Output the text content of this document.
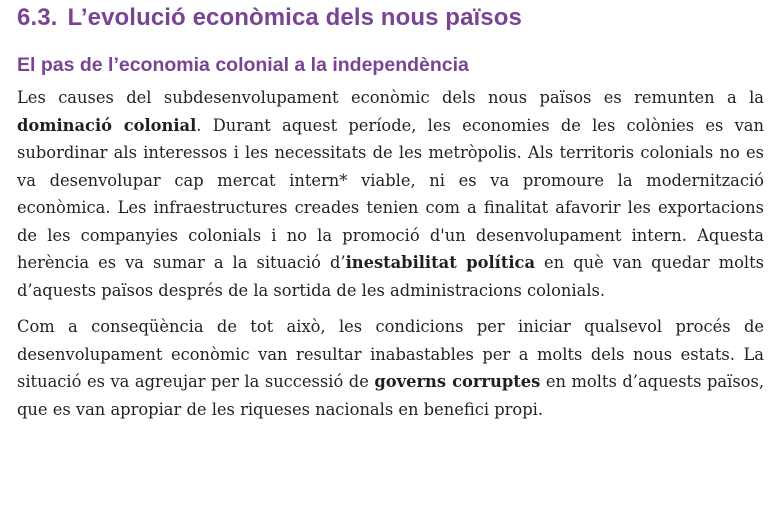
6.3. L’evolució econòmica dels nous països
El pas de l’economia colonial a la independència

Les causes del subdesenvolupament econòmic dels nous països es remunten a la dominació colonial. Durant aquest període, les economies de les colònies es van subordinar als interessos i les necessitats de les metròpolis. Als territoris colonials no es va desenvolupar cap mercat intern* viable, ni es va promoure la modernització econòmica. Les infraestructures creades tenien com a finalitat afavorir les exportacions de les companyies colonials i no la promoció d'un desenvolupament intern. Aquesta herència es va sumar a la situació d’inestabilitat política en què van quedar molts d’aquests països després de la sortida de les administracions colonials.

Com a conseqüència de tot això, les condicions per iniciar qualsevol procés de desenvolupament econòmic van resultar inabastables per a molts dels nous estats. La situació es va agreujar per la successió de governs corruptes en molts d’aquests països, que es van apropiar de les riqueses nacionals en benefici propi.
